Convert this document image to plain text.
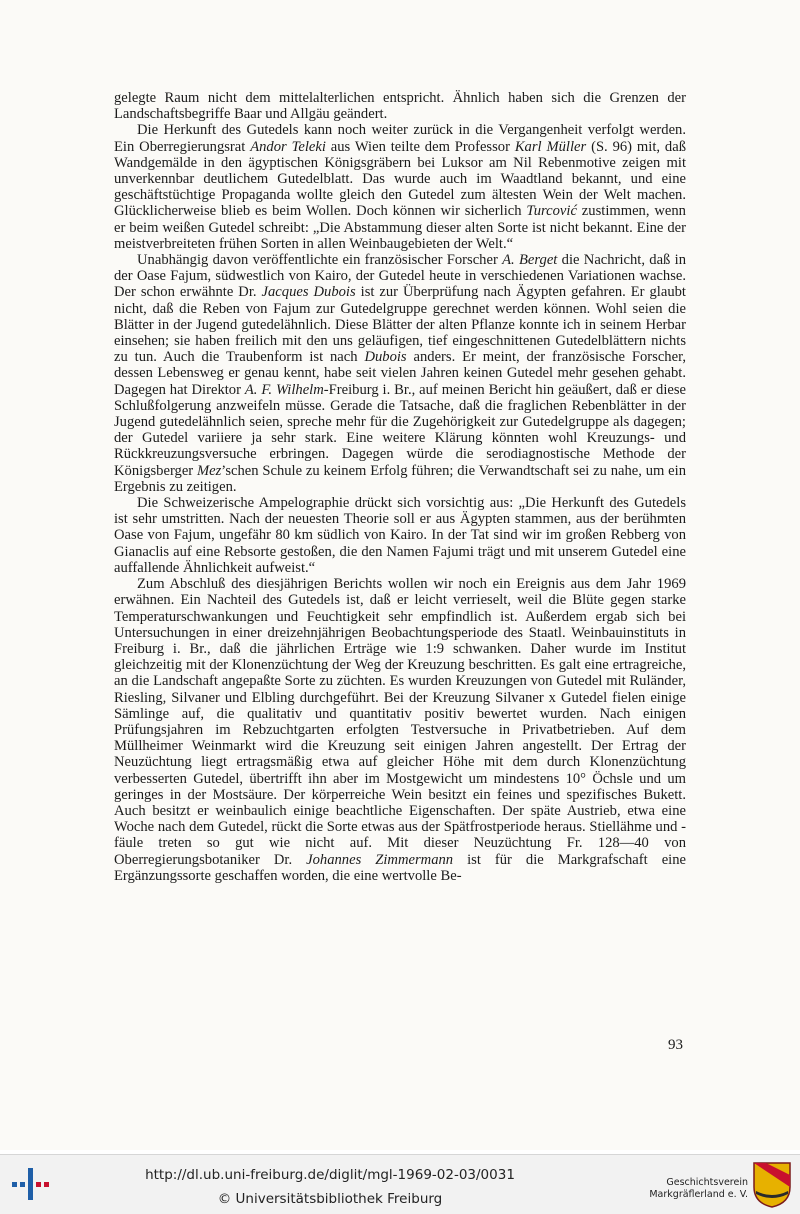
gelegte Raum nicht dem mittelalterlichen entspricht. Ähnlich haben sich die Grenzen der Landschaftsbegriffe Baar und Allgäu geändert.

Die Herkunft des Gutedels kann noch weiter zurück in die Vergangenheit verfolgt werden. Ein Oberregierungsrat Andor Teleki aus Wien teilte dem Professor Karl Müller (S. 96) mit, daß Wandgemälde in den ägyptischen Königsgräbern bei Luksor am Nil Rebenmotive zeigen mit unverkennbar deutlichem Gutedelblatt. Das wurde auch im Waadtland bekannt, und eine geschäftstüchtige Propaganda wollte gleich den Gutedel zum ältesten Wein der Welt machen. Glücklicherweise blieb es beim Wollen. Doch können wir sicherlich Turcović zustimmen, wenn er beim weißen Gutedel schreibt: „Die Abstammung dieser alten Sorte ist nicht bekannt. Eine der meistverbreiteten frühen Sorten in allen Weinbaugebieten der Welt.“

Unabhängig davon veröffentlichte ein französischer Forscher A. Berget die Nachricht, daß in der Oase Fajum, südwestlich von Kairo, der Gutedel heute in verschiedenen Variationen wachse. Der schon erwähnte Dr. Jacques Dubois ist zur Überprüfung nach Ägypten gefahren. Er glaubt nicht, daß die Reben von Fajum zur Gutedelgruppe gerechnet werden können. Wohl seien die Blätter in der Jugend gutedelähnlich. Diese Blätter der alten Pflanze konnte ich in seinem Herbar einsehen; sie haben freilich mit den uns geläufigen, tief eingeschnittenen Gutedelblättern nichts zu tun. Auch die Traubenform ist nach Dubois anders. Er meint, der französische Forscher, dessen Lebensweg er genau kennt, habe seit vielen Jahren keinen Gutedel mehr gesehen gehabt. Dagegen hat Direktor A. F. Wilhelm-Freiburg i. Br., auf meinen Bericht hin geäußert, daß er diese Schlußfolgerung anzweifeln müsse. Gerade die Tatsache, daß die fraglichen Rebenblätter in der Jugend gutedelähnlich seien, spreche mehr für die Zugehörigkeit zur Gutedelgruppe als dagegen; der Gutedel variiere ja sehr stark. Eine weitere Klärung könnten wohl Kreuzungs- und Rückkreuzungsversuche erbringen. Dagegen würde die serodiagnostische Methode der Königsberger Mez’schen Schule zu keinem Erfolg führen; die Verwandtschaft sei zu nahe, um ein Ergebnis zu zeitigen.

Die Schweizerische Ampelographie drückt sich vorsichtig aus: „Die Herkunft des Gutedels ist sehr umstritten. Nach der neuesten Theorie soll er aus Ägypten stammen, aus der berühmten Oase von Fajum, ungefähr 80 km südlich von Kairo. In der Tat sind wir im großen Rebberg von Gianaclis auf eine Rebsorte gestoßen, die den Namen Fajumi trägt und mit unserem Gutedel eine auffallende Ähnlichkeit aufweist.“

Zum Abschluß des diesjährigen Berichts wollen wir noch ein Ereignis aus dem Jahr 1969 erwähnen. Ein Nachteil des Gutedels ist, daß er leicht verrieselt, weil die Blüte gegen starke Temperaturschwankungen und Feuchtigkeit sehr empfindlich ist. Außerdem ergab sich bei Untersuchungen in einer dreizehnjährigen Beobachtungsperiode des Staatl. Weinbauinstituts in Freiburg i. Br., daß die jährlichen Erträge wie 1:9 schwanken. Daher wurde im Institut gleichzeitig mit der Klonenzüchtung der Weg der Kreuzung beschritten. Es galt eine ertragreiche, an die Landschaft angepaßte Sorte zu züchten. Es wurden Kreuzungen von Gutedel mit Ruländer, Riesling, Silvaner und Elbling durchgeführt. Bei der Kreuzung Silvaner x Gutedel fielen einige Sämlinge auf, die qualitativ und quantitativ positiv bewertet wurden. Nach einigen Prüfungsjahren im Rebzuchtgarten erfolgten Testversuche in Privatbetrieben. Auf dem Müllheimer Weinmarkt wird die Kreuzung seit einigen Jahren angestellt. Der Ertrag der Neuzüchtung liegt ertragsmäßig etwa auf gleicher Höhe mit dem durch Klonenzüchtung verbesserten Gutedel, übertrifft ihn aber im Mostgewicht um mindestens 10° Öchsle und um geringes in der Mostsäure. Der körperreiche Wein besitzt ein feines und spezifisches Bukett. Auch besitzt er weinbaulich einige beachtliche Eigenschaften. Der späte Austrieb, etwa eine Woche nach dem Gutedel, rückt die Sorte etwas aus der Spätfrostperiode heraus. Stiellähme und -fäule treten so gut wie nicht auf. Mit dieser Neuzüchtung Fr. 128—40 von Oberregierungsbotaniker Dr. Johannes Zimmermann ist für die Markgrafschaft eine Ergänzungssorte geschaffen worden, die eine wertvolle Be-

93
http://dl.ub.uni-freiburg.de/diglit/mgl-1969-02-03/0031
© Universitätsbibliothek Freiburg
Geschichtsverein
Markgräflerland e. V.
